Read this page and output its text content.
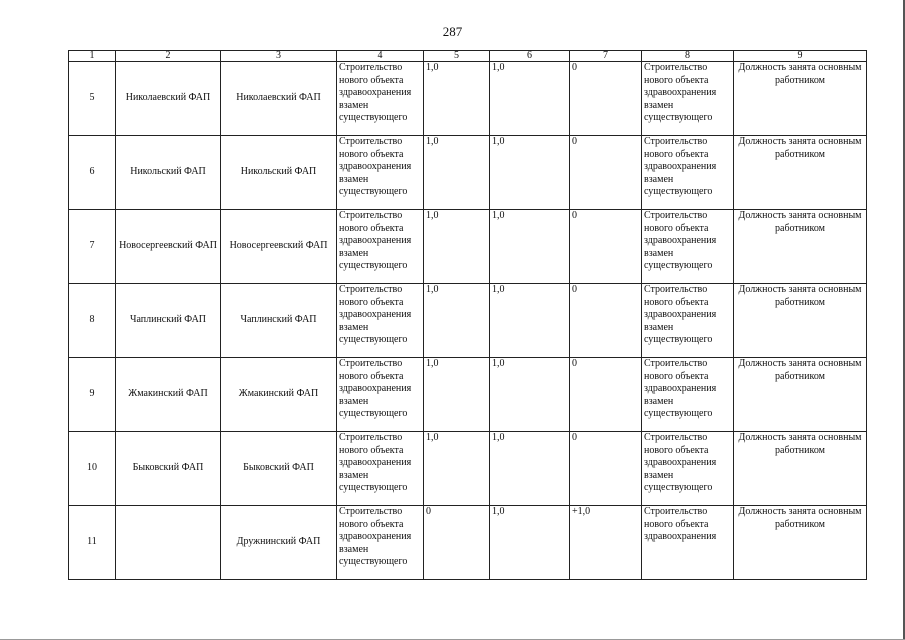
287
1	2	3	4	5	6	7	8	9
5	Николаевский ФАП	Николаевский ФАП	Строительство нового объекта здравоохранения взамен существующего	1,0	1,0	0	Строительство нового объекта здравоохранения взамен существующего	Должность занята основным работником
6	Никольский ФАП	Никольский ФАП	Строительство нового объекта здравоохранения взамен существующего	1,0	1,0	0	Строительство нового объекта здравоохранения взамен существующего	Должность занята основным работником
7	Новосергеевский ФАП	Новосергеевский ФАП	Строительство нового объекта здравоохранения взамен существующего	1,0	1,0	0	Строительство нового объекта здравоохранения взамен существующего	Должность занята основным работником
8	Чаплинский ФАП	Чаплинский ФАП	Строительство нового объекта здравоохранения взамен существующего	1,0	1,0	0	Строительство нового объекта здравоохранения взамен существующего	Должность занята основным работником
9	Жмакинский ФАП	Жмакинский ФАП	Строительство нового объекта здравоохранения взамен существующего	1,0	1,0	0	Строительство нового объекта здравоохранения взамен существующего	Должность занята основным работником
10	Быковский ФАП	Быковский ФАП	Строительство нового объекта здравоохранения взамен существующего	1,0	1,0	0	Строительство нового объекта здравоохранения взамен существующего	Должность занята основным работником
11		Дружнинский ФАП	Строительство нового объекта здравоохранения взамен существующего	0	1,0	+1,0	Строительство нового объекта здравоохранения	Должность занята основным работником
